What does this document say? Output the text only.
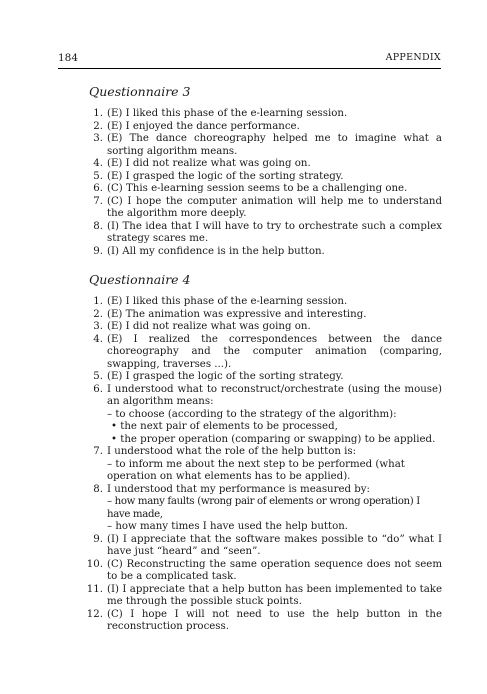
184	APPENDIX
Questionnaire 3
1. (E) I liked this phase of the e-learning session.
2. (E) I enjoyed the dance performance.
3. (E) The dance choreography helped me to imagine what a sorting algorithm means.
4. (E) I did not realize what was going on.
5. (E) I grasped the logic of the sorting strategy.
6. (C) This e-learning session seems to be a challenging one.
7. (C) I hope the computer animation will help me to understand the algorithm more deeply.
8. (I) The idea that I will have to try to orchestrate such a complex strategy scares me.
9. (I) All my confidence is in the help button.
Questionnaire 4
1. (E) I liked this phase of the e-learning session.
2. (E) The animation was expressive and interesting.
3. (E) I did not realize what was going on.
4. (E) I realized the correspondences between the dance choreography and the computer animation (comparing, swapping, traverses ...).
5. (E) I grasped the logic of the sorting strategy.
6. I understood what to reconstruct/orchestrate (using the mouse) an algorithm means:
– to choose (according to the strategy of the algorithm):
• the next pair of elements to be processed,
• the proper operation (comparing or swapping) to be applied.
7. I understood what the role of the help button is:
– to inform me about the next step to be performed (what operation on what elements has to be applied).
8. I understood that my performance is measured by:
– how many faults (wrong pair of elements or wrong operation) I have made,
– how many times I have used the help button.
9. (I) I appreciate that the software makes possible to “do” what I have just “heard” and “seen”.
10. (C) Reconstructing the same operation sequence does not seem to be a complicated task.
11. (I) I appreciate that a help button has been implemented to take me through the possible stuck points.
12. (C) I hope I will not need to use the help button in the reconstruction process.
